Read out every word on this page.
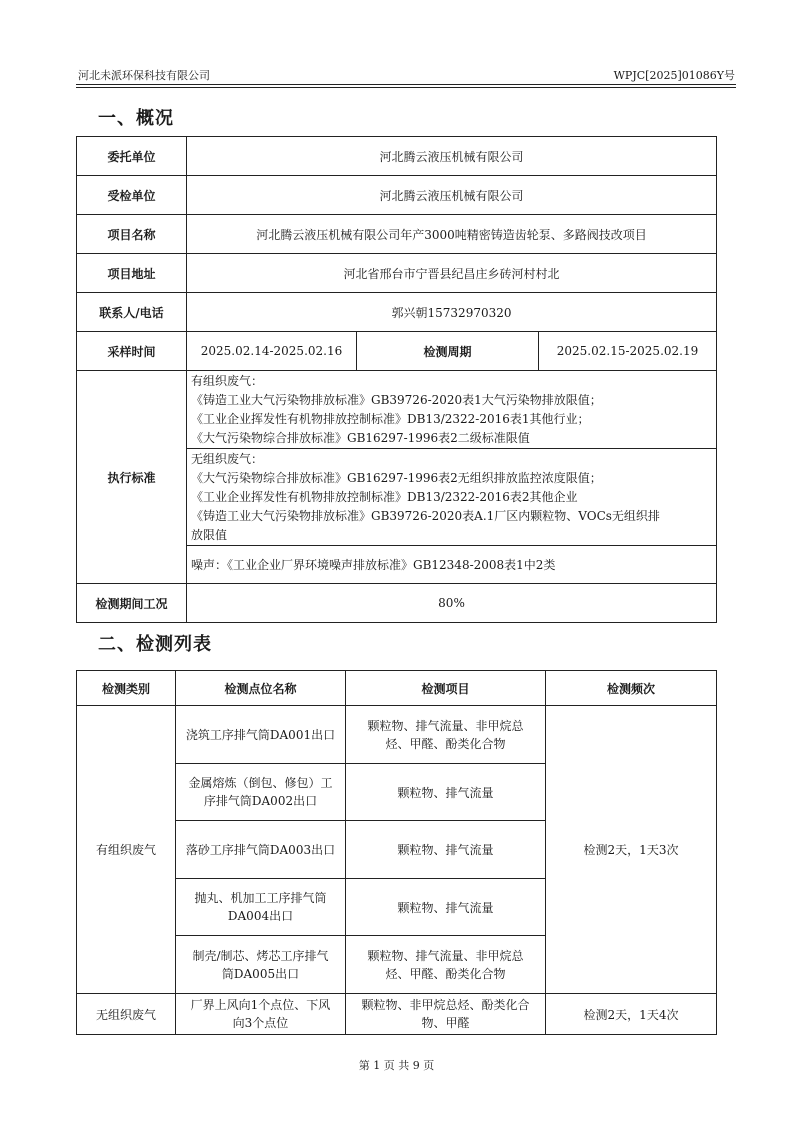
河北未派环保科技有限公司	WPJC[2025]01086Y号
一、概况
委托单位	河北腾云液压机械有限公司		
受检单位	河北腾云液压机械有限公司		
项目名称	河北腾云液压机械有限公司年产3000吨精密铸造齿轮泵、多路阀技改项目		
项目地址	河北省邢台市宁晋县纪昌庄乡砖河村村北		
联系人/电话	郭兴朝15732970320		
采样时间	2025.02.14-2025.02.16	检测周期	2025.02.15-2025.02.19
执行标准	有组织废气：
《铸造工业大气污染物排放标准》GB39726-2020表1大气污染物排放限值；
《工业企业挥发性有机物排放控制标准》DB13/2322-2016表1其他行业；
《大气污染物综合排放标准》GB16297-1996表2二级标准限值		

	无组织废气：
《大气污染物综合排放标准》GB16297-1996表2无组织排放监控浓度限值；
《工业企业挥发性有机物排放控制标准》DB13/2322-2016表2其他企业
《铸造工业大气污染物排放标准》GB39726-2020表A.1厂区内颗粒物、VOCs无组织排
放限值		

	噪声：《工业企业厂界环境噪声排放标准》GB12348-2008表1中2类		
检测期间工况	80%		
二、检测列表
检测类别	检测点位名称	检测项目	检测频次
有组织废气	浇筑工序排气筒DA001出口	颗粒物、排气流量、非甲烷总
烃、甲醛、酚类化合物	检测2天，1天3次

	金属熔炼（倒包、修包）工
序排气筒DA002出口	颗粒物、排气流量	

	落砂工序排气筒DA003出口	颗粒物、排气流量	

	抛丸、机加工工序排气筒
DA004出口	颗粒物、排气流量	

	制壳/制芯、烤芯工序排气
筒DA005出口	颗粒物、排气流量、非甲烷总
烃、甲醛、酚类化合物	

无组织废气	厂界上风向1个点位、下风
向3个点位	颗粒物、非甲烷总烃、酚类化合
物、甲醛	检测2天，1天4次
第 1 页 共 9 页
